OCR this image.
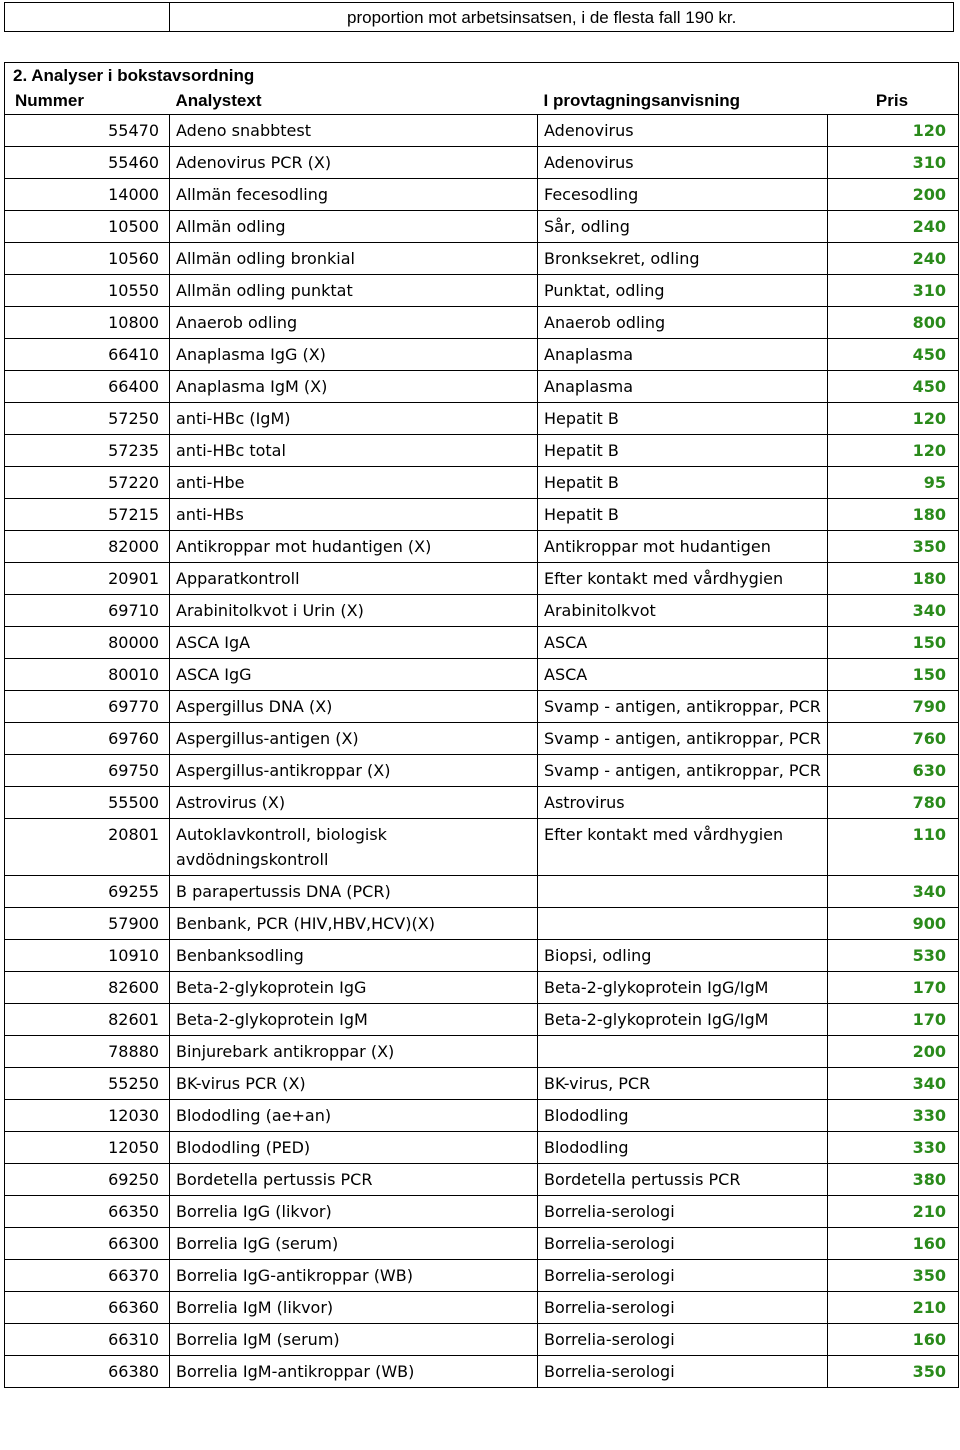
proportion mot arbetsinsatsen, i de flesta fall 190 kr.
2. Analyser i bokstavsordning			
Nummer	Analystext	I provtagningsanvisning	Pris
55470	Adeno snabbtest	Adenovirus	120
55460	Adenovirus PCR (X)	Adenovirus	310
14000	Allmän fecesodling	Fecesodling	200
10500	Allmän odling	Sår, odling	240
10560	Allmän odling bronkial	Bronksekret, odling	240
10550	Allmän odling punktat	Punktat, odling	310
10800	Anaerob odling	Anaerob odling	800
66410	Anaplasma IgG (X)	Anaplasma	450
66400	Anaplasma IgM (X)	Anaplasma	450
57250	anti-HBc (IgM)	Hepatit B	120
57235	anti-HBc total	Hepatit B	120
57220	anti-Hbe	Hepatit B	95
57215	anti-HBs	Hepatit B	180
82000	Antikroppar mot hudantigen (X)	Antikroppar mot hudantigen	350
20901	Apparatkontroll	Efter kontakt med vårdhygien	180
69710	Arabinitolkvot i Urin (X)	Arabinitolkvot	340
80000	ASCA IgA	ASCA	150
80010	ASCA IgG	ASCA	150
69770	Aspergillus DNA (X)	Svamp - antigen, antikroppar, PCR	790
69760	Aspergillus-antigen (X)	Svamp - antigen, antikroppar, PCR	760
69750	Aspergillus-antikroppar (X)	Svamp - antigen, antikroppar, PCR	630
55500	Astrovirus (X)	Astrovirus	780
20801	Autoklavkontroll, biologisk avdödningskontroll	Efter kontakt med vårdhygien	110
69255	B parapertussis DNA (PCR)		340
57900	Benbank, PCR (HIV,HBV,HCV)(X)		900
10910	Benbanksodling	Biopsi, odling	530
82600	Beta-2-glykoprotein IgG	Beta-2-glykoprotein IgG/IgM	170
82601	Beta-2-glykoprotein IgM	Beta-2-glykoprotein IgG/IgM	170
78880	Binjurebark antikroppar (X)		200
55250	BK-virus PCR (X)	BK-virus, PCR	340
12030	Blododling (ae+an)	Blododling	330
12050	Blododling (PED)	Blododling	330
69250	Bordetella pertussis PCR	Bordetella pertussis PCR	380
66350	Borrelia IgG (likvor)	Borrelia-serologi	210
66300	Borrelia IgG (serum)	Borrelia-serologi	160
66370	Borrelia IgG-antikroppar (WB)	Borrelia-serologi	350
66360	Borrelia IgM (likvor)	Borrelia-serologi	210
66310	Borrelia IgM (serum)	Borrelia-serologi	160
66380	Borrelia IgM-antikroppar (WB)	Borrelia-serologi	350
